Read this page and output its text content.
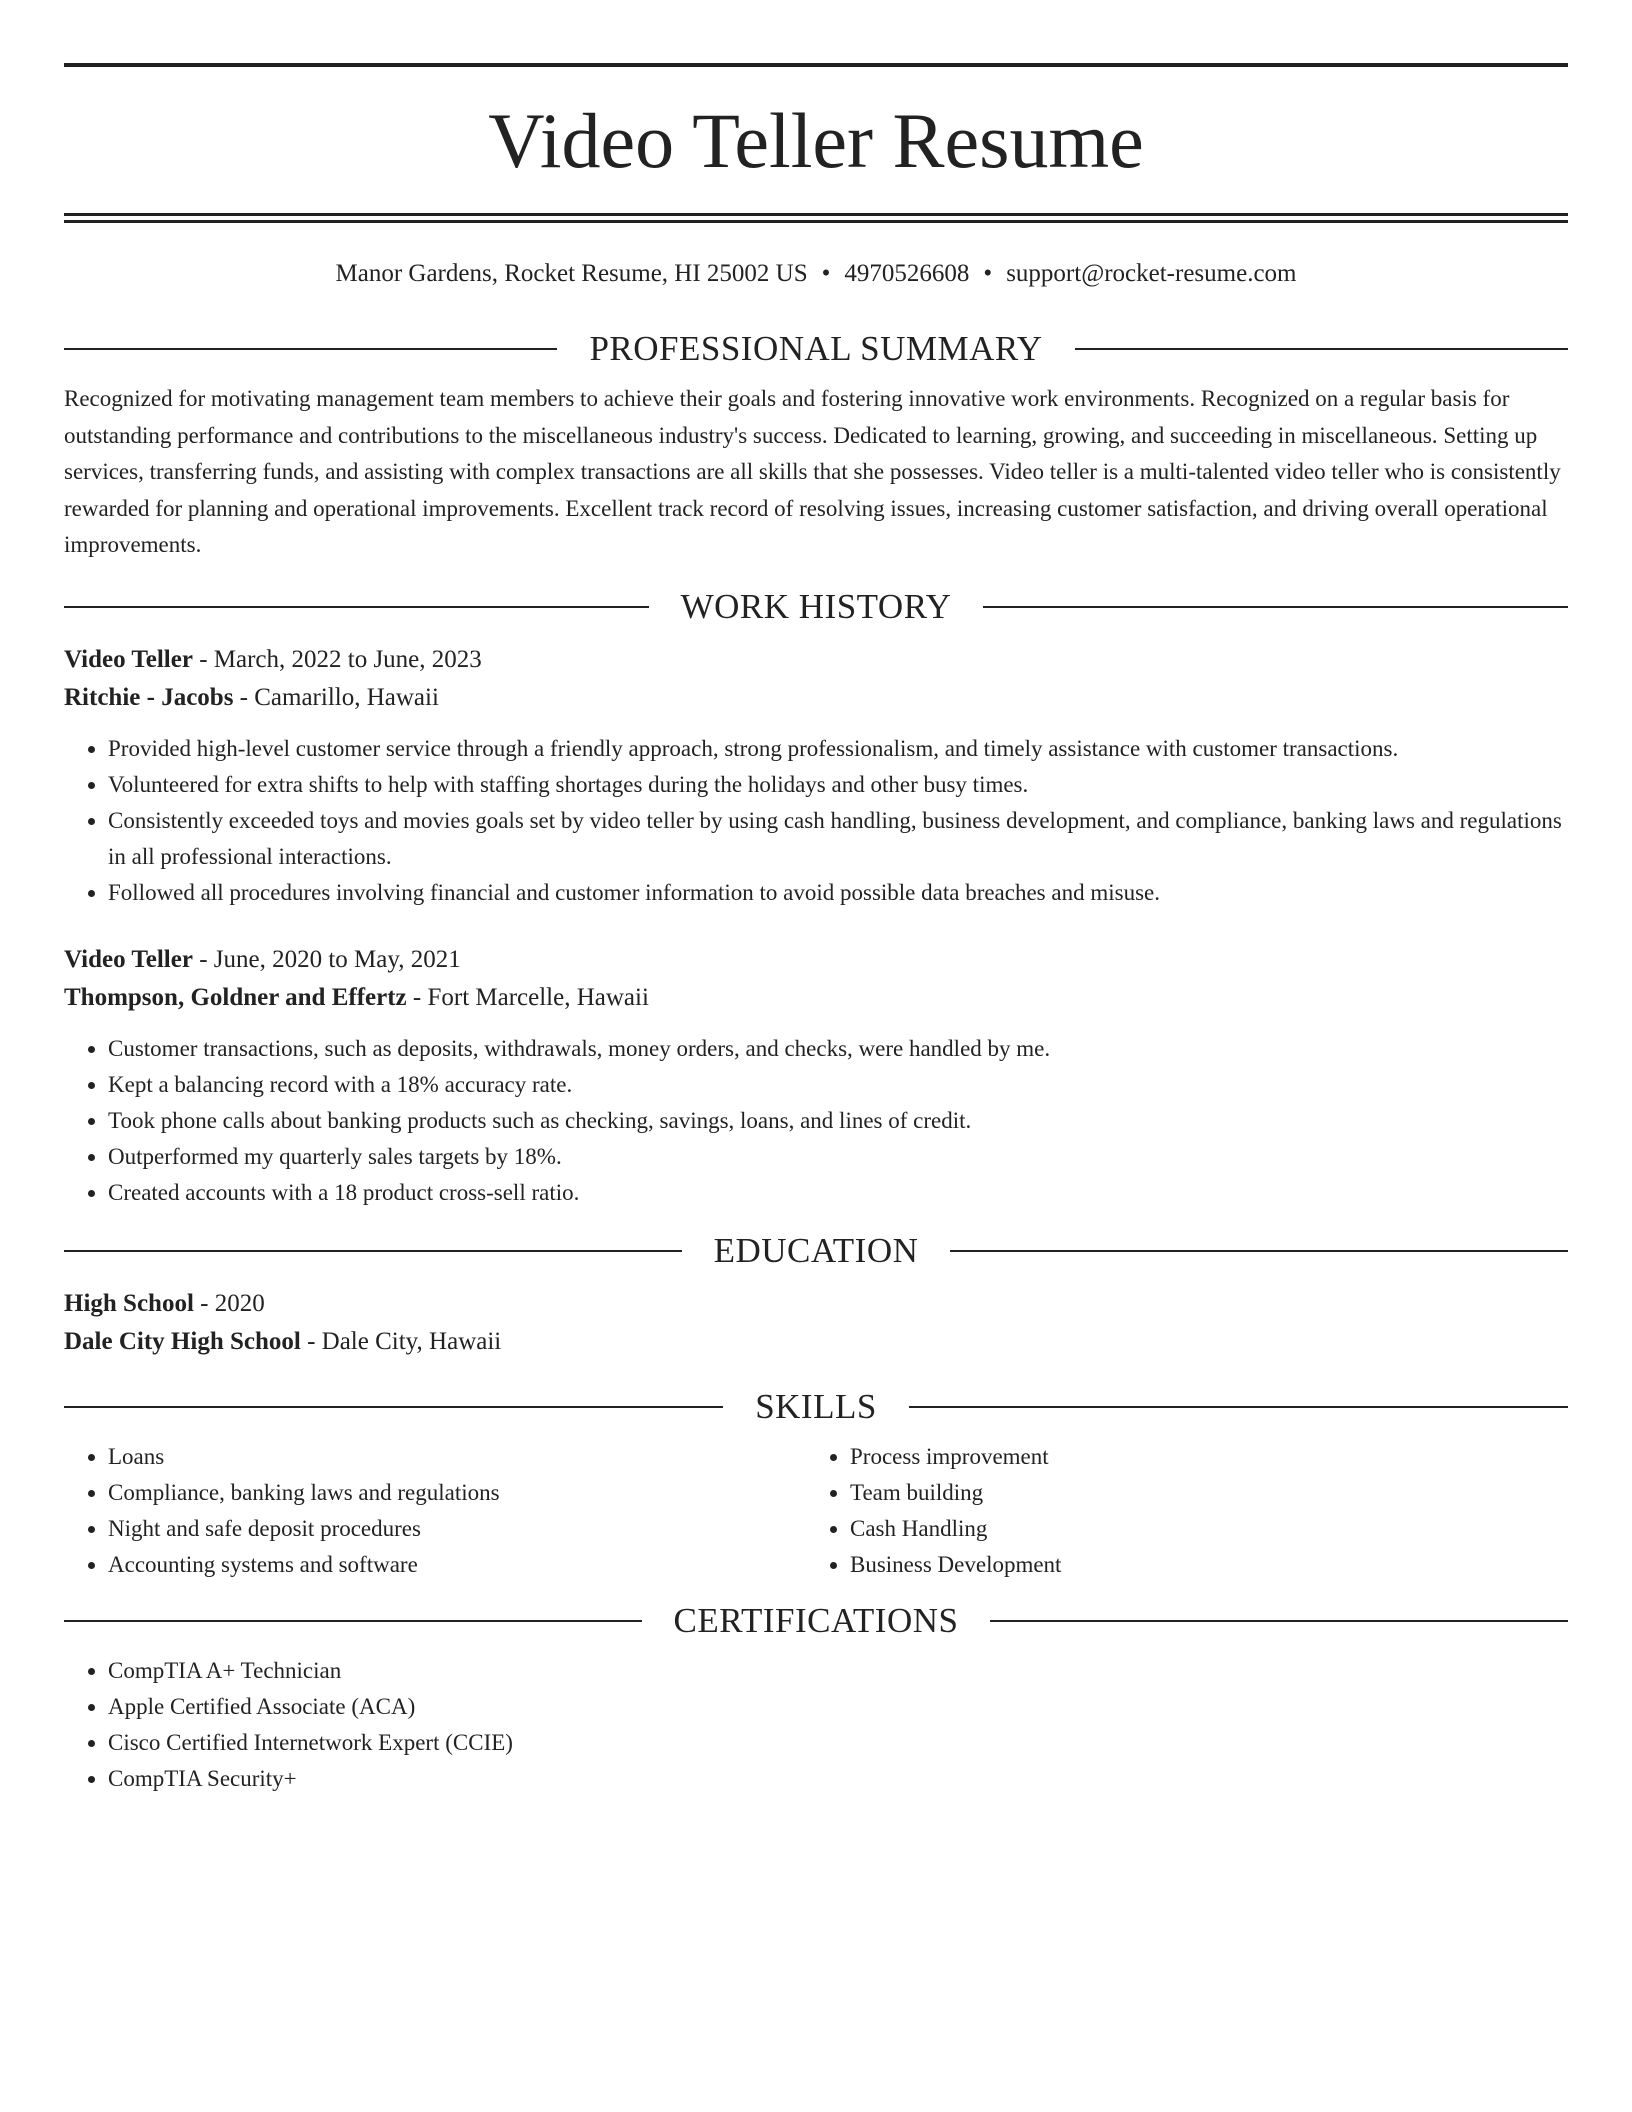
Video Teller Resume
Manor Gardens, Rocket Resume, HI 25002 US • 4970526608 • support@rocket-resume.com
PROFESSIONAL SUMMARY

Recognized for motivating management team members to achieve their goals and fostering innovative work environments. Recognized on a regular basis for outstanding performance and contributions to the miscellaneous industry's success. Dedicated to learning, growing, and succeeding in miscellaneous. Setting up services, transferring funds, and assisting with complex transactions are all skills that she possesses. Video teller is a multi-talented video teller who is consistently rewarded for planning and operational improvements. Excellent track record of resolving issues, increasing customer satisfaction, and driving overall operational improvements.

WORK HISTORY
Video Teller - March, 2022 to June, 2023
Ritchie - Jacobs - Camarillo, Hawaii
• Provided high-level customer service through a friendly approach, strong professionalism, and timely assistance with customer transactions.
• Volunteered for extra shifts to help with staffing shortages during the holidays and other busy times.
• Consistently exceeded toys and movies goals set by video teller by using cash handling, business development, and compliance, banking laws and regulations in all professional interactions.
• Followed all procedures involving financial and customer information to avoid possible data breaches and misuse.
Video Teller - June, 2020 to May, 2021
Thompson, Goldner and Effertz - Fort Marcelle, Hawaii
• Customer transactions, such as deposits, withdrawals, money orders, and checks, were handled by me.
• Kept a balancing record with a 18% accuracy rate.
• Took phone calls about banking products such as checking, savings, loans, and lines of credit.
• Outperformed my quarterly sales targets by 18%.
• Created accounts with a 18 product cross-sell ratio.
EDUCATION
High School - 2020
Dale City High School - Dale City, Hawaii
SKILLS
• Loans
• Compliance, banking laws and regulations
• Night and safe deposit procedures
• Accounting systems and software
• Process improvement
• Team building
• Cash Handling
• Business Development
CERTIFICATIONS
• CompTIA A+ Technician
• Apple Certified Associate (ACA)
• Cisco Certified Internetwork Expert (CCIE)
• CompTIA Security+
